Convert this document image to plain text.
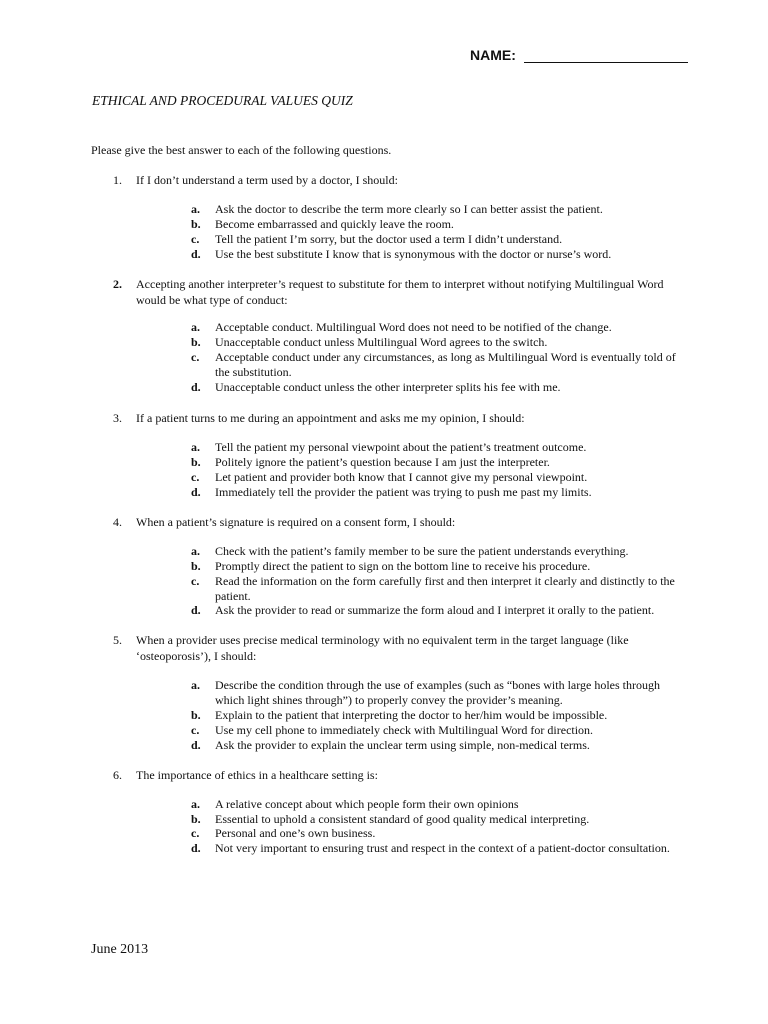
NAME:
ETHICAL AND PROCEDURAL VALUES QUIZ
Please give the best answer to each of the following questions.
1.	If I don’t understand a term used by a doctor, I should:
a. Ask the doctor to describe the term more clearly so I can better assist the patient.
b. Become embarrassed and quickly leave the room.
c. Tell the patient I’m sorry, but the doctor used a term I didn’t understand.
d. Use the best substitute I know that is synonymous with the doctor or nurse’s word.
2.	Accepting another interpreter’s request to substitute for them to interpret without notifying Multilingual Word would be what type of conduct:
a. Acceptable conduct. Multilingual Word does not need to be notified of the change.
b. Unacceptable conduct unless Multilingual Word agrees to the switch.
c. Acceptable conduct under any circumstances, as long as Multilingual Word is eventually told of the substitution.
d. Unacceptable conduct unless the other interpreter splits his fee with me.
3.	If a patient turns to me during an appointment and asks me my opinion, I should:
a. Tell the patient my personal viewpoint about the patient’s treatment outcome.
b. Politely ignore the patient’s question because I am just the interpreter.
c. Let patient and provider both know that I cannot give my personal viewpoint.
d. Immediately tell the provider the patient was trying to push me past my limits.
4.	When a patient’s signature is required on a consent form, I should:
a. Check with the patient’s family member to be sure the patient understands everything.
b. Promptly direct the patient to sign on the bottom line to receive his procedure.
c. Read the information on the form carefully first and then interpret it clearly and distinctly to the patient.
d. Ask the provider to read or summarize the form aloud and I interpret it orally to the patient.
5.	When a provider uses precise medical terminology with no equivalent term in the target language (like ‘osteoporosis’), I should:
a. Describe the condition through the use of examples (such as “bones with large holes through which light shines through”) to properly convey the provider’s meaning.
b. Explain to the patient that interpreting the doctor to her/him would be impossible.
c. Use my cell phone to immediately check with Multilingual Word for direction.
d. Ask the provider to explain the unclear term using simple, non-medical terms.
6.	The importance of ethics in a healthcare setting is:
a. A relative concept about which people form their own opinions
b. Essential to uphold a consistent standard of good quality medical interpreting.
c. Personal and one’s own business.
d. Not very important to ensuring trust and respect in the context of a patient-doctor consultation.
June 2013
